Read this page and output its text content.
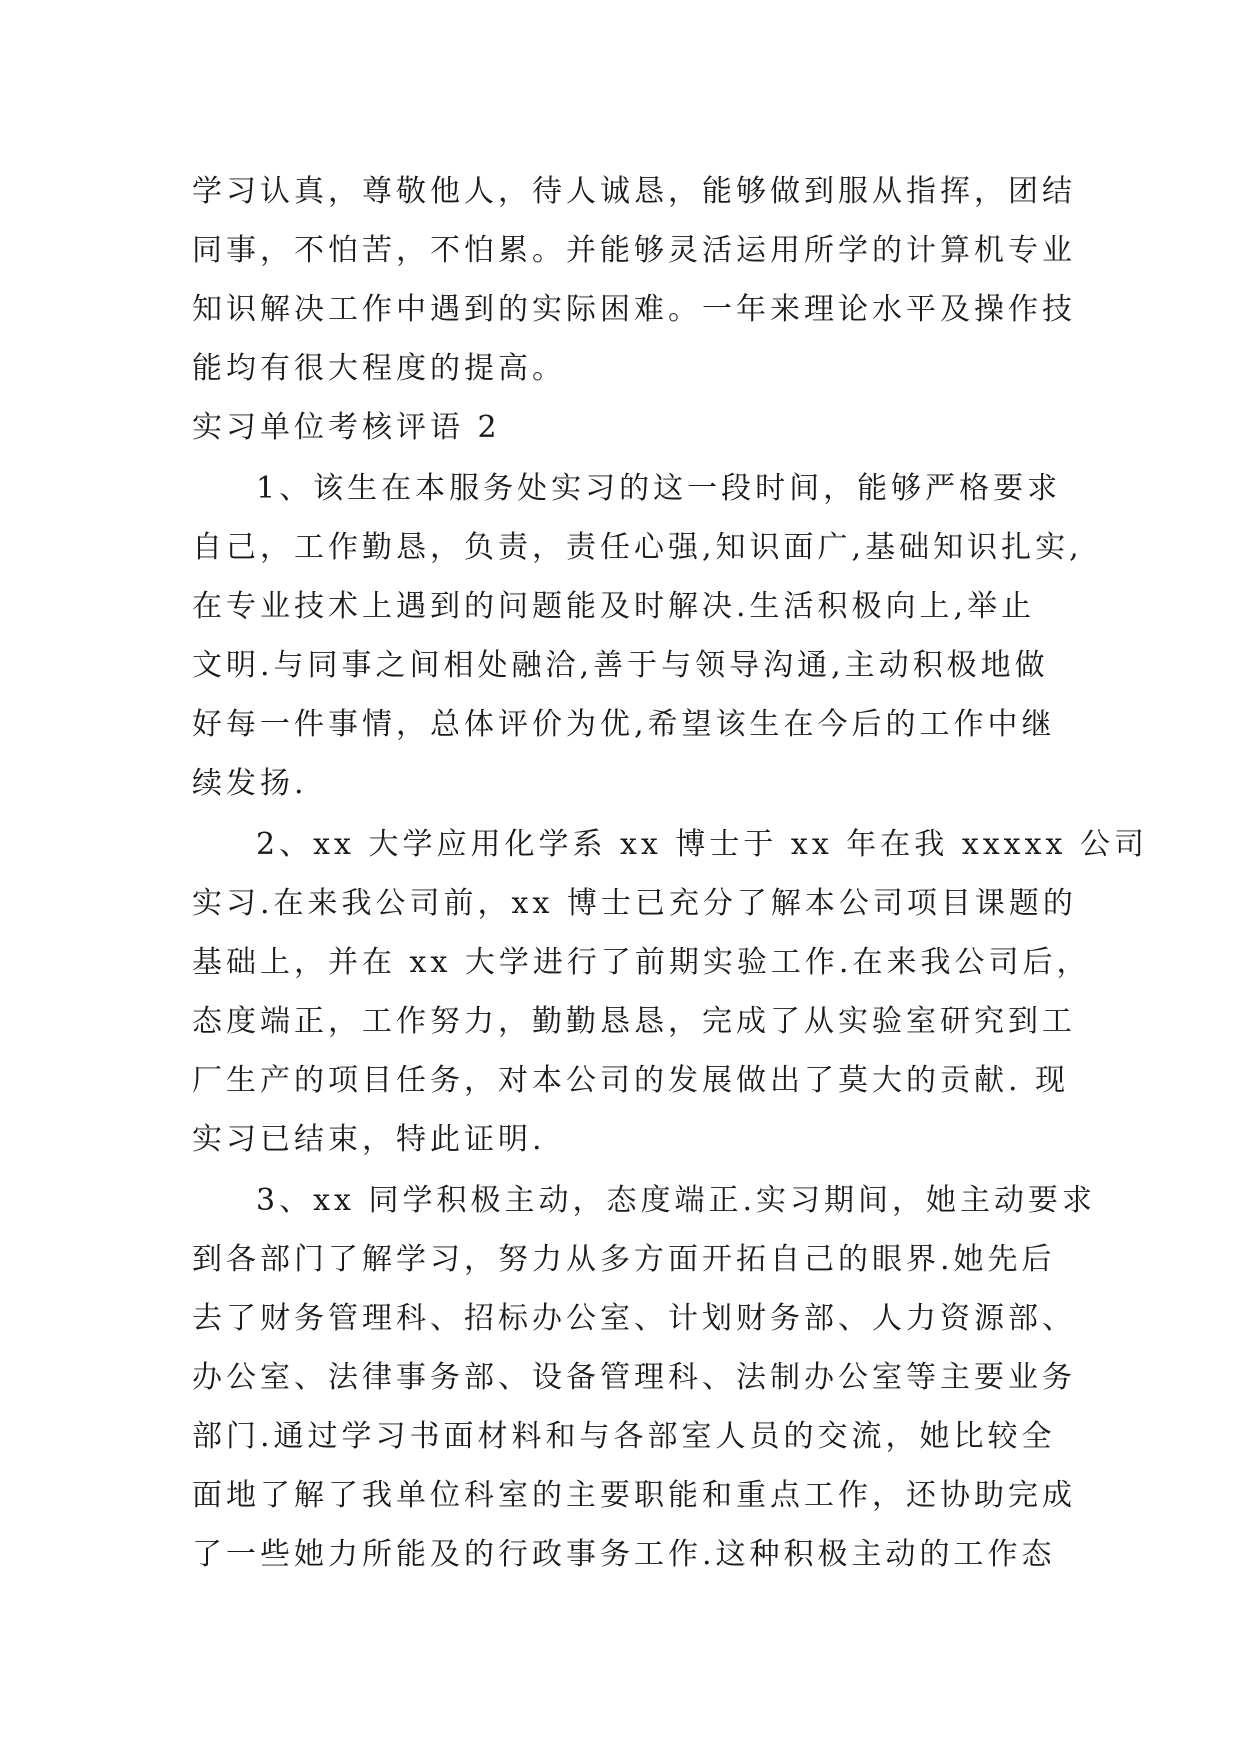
学习认真，尊敬他人，待人诚恳，能够做到服从指挥，团结
同事，不怕苦，不怕累。并能够灵活运用所学的计算机专业
知识解决工作中遇到的实际困难。一年来理论水平及操作技
能均有很大程度的提高。
实习单位考核评语 2
1、该生在本服务处实习的这一段时间，能够严格要求
自己，工作勤恳，负责，责任心强,知识面广,基础知识扎实,
在专业技术上遇到的问题能及时解决.生活积极向上,举止
文明.与同事之间相处融洽,善于与领导沟通,主动积极地做
好每一件事情，总体评价为优,希望该生在今后的工作中继
续发扬.
2、xx 大学应用化学系 xx 博士于 xx 年在我 xxxxx 公司
实习.在来我公司前，xx 博士已充分了解本公司项目课题的
基础上，并在 xx 大学进行了前期实验工作.在来我公司后，
态度端正，工作努力，勤勤恳恳，完成了从实验室研究到工
厂生产的项目任务，对本公司的发展做出了莫大的贡献. 现
实习已结束，特此证明.
3、xx 同学积极主动，态度端正.实习期间，她主动要求
到各部门了解学习，努力从多方面开拓自己的眼界.她先后
去了财务管理科、招标办公室、计划财务部、人力资源部、
办公室、法律事务部、设备管理科、法制办公室等主要业务
部门.通过学习书面材料和与各部室人员的交流，她比较全
面地了解了我单位科室的主要职能和重点工作，还协助完成
了一些她力所能及的行政事务工作.这种积极主动的工作态
